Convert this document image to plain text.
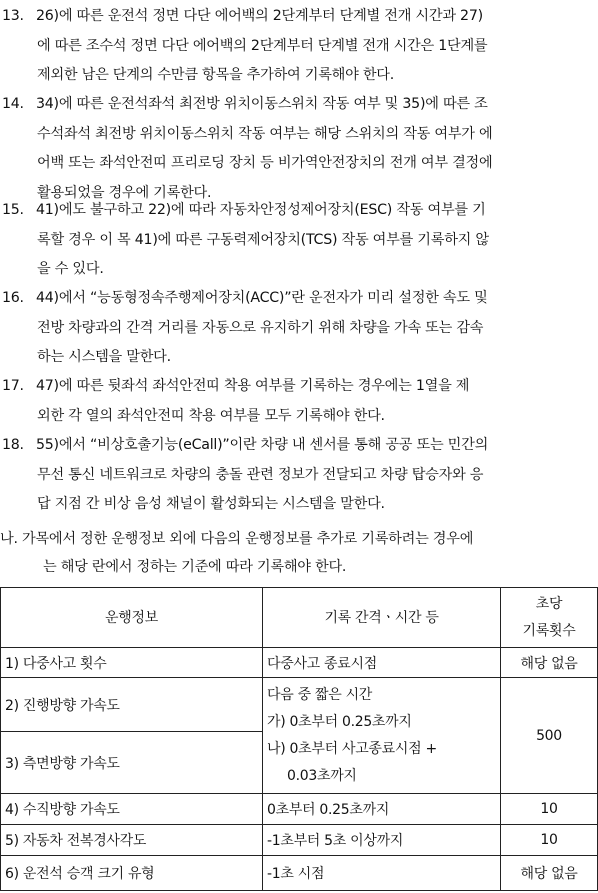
13. 26)에 따른 운전석 정면 다단 에어백의 2단계부터 단계별 전개 시간과 27)
에 따른 조수석 정면 다단 에어백의 2단계부터 단계별 전개 시간은 1단계를
제외한 남은 단계의 수만큼 항목을 추가하여 기록해야 한다.
14. 34)에 따른 운전석좌석 최전방 위치이동스위치 작동 여부 및 35)에 따른 조
수석좌석 최전방 위치이동스위치 작동 여부는 해당 스위치의 작동 여부가 에
어백 또는 좌석안전띠 프리로딩 장치 등 비가역안전장치의 전개 여부 결정에
활용되었을 경우에 기록한다.
15. 41)에도 불구하고 22)에 따라 자동차안정성제어장치(ESC) 작동 여부를 기
록할 경우 이 목 41)에 따른 구동력제어장치(TCS) 작동 여부를 기록하지 않
을 수 있다.
16. 44)에서 “능동형정속주행제어장치(ACC)”란 운전자가 미리 설정한 속도 및
전방 차량과의 간격 거리를 자동으로 유지하기 위해 차량을 가속 또는 감속
하는 시스템을 말한다.
17. 47)에 따른 뒷좌석 좌석안전띠 착용 여부를 기록하는 경우에는 1열을 제
외한 각 열의 좌석안전띠 착용 여부를 모두 기록해야 한다.
18. 55)에서 “비상호출기능(eCall)”이란 차량 내 센서를 통해 공공 또는 민간의
무선 통신 네트워크로 차량의 충돌 관련 정보가 전달되고 차량 탑승자와 응
답 지점 간 비상 음성 채널이 활성화되는 시스템을 말한다.
나. 가목에서 정한 운행정보 외에 다음의 운행정보를 추가로 기록하려는 경우에
는 해당 란에서 정하는 기준에 따라 기록해야 한다.
운행정보	기록 간격ㆍ시간 등	초당
기록횟수

1) 다중사고 횟수	다중사고 종료시점	해당 없음
2) 진행방향 가속도	다음 중 짧은 시간
가) 0초부터 0.25초까지
나) 0초부터 사고종료시점 +
0.03초까지	500
3) 측면방향 가속도		
4) 수직방향 가속도	0초부터 0.25초까지	10
5) 자동차 전복경사각도	-1초부터 5초 이상까지	10
6) 운전석 승객 크기 유형	-1초 시점	해당 없음
